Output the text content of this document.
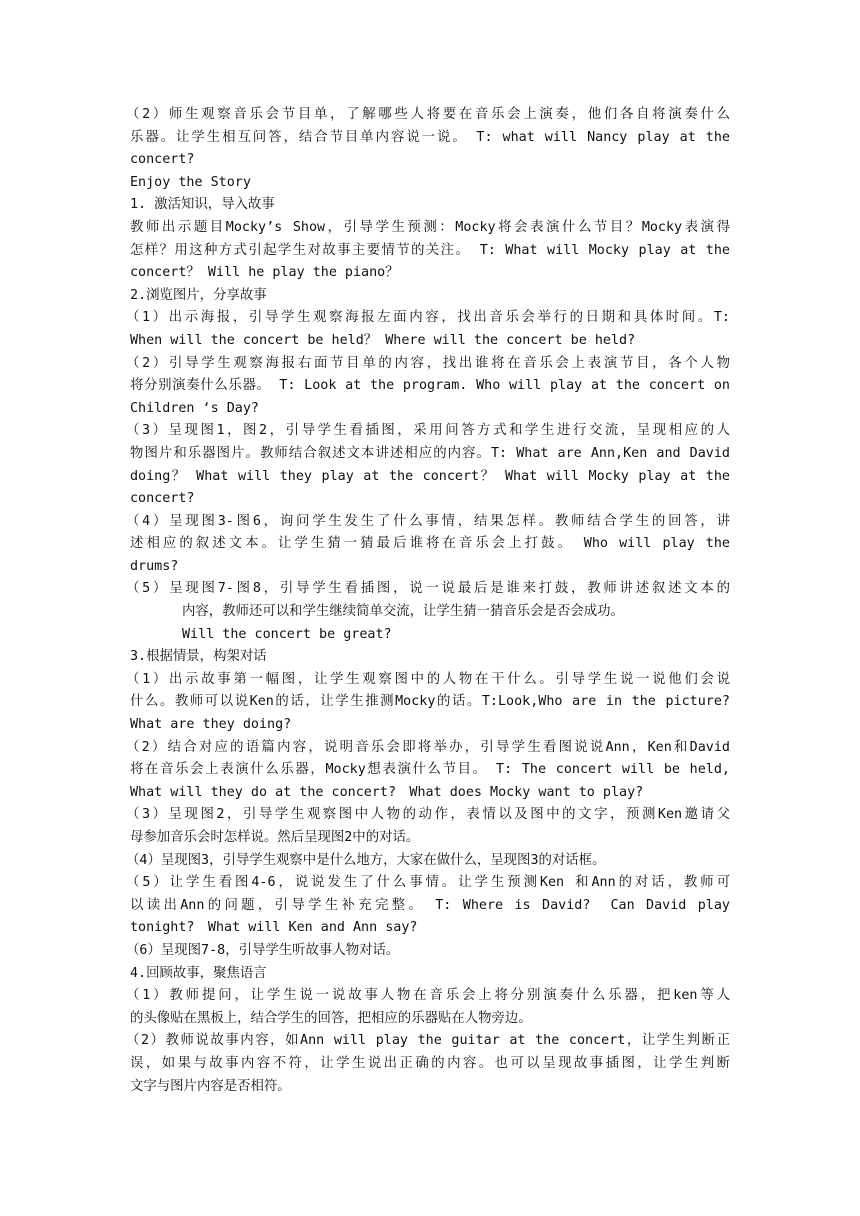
（2）师生观察音乐会节目单，了解哪些人将要在音乐会上演奏，他们各自将演奏什么
乐器。让学生相互问答，结合节目单内容说一说。　T: what will Nancy play at the
concert?
Enjoy the Story
1. 激活知识，导入故事
教师出示题目Mocky’s Show，引导学生预测：Mocky将会表演什么节目？Mocky表演得
怎样？用这种方式引起学生对故事主要情节的关注。 T: What will Mocky play at the
concert？ Will he play the piano？
2.浏览图片，分享故事
（1）出示海报，引导学生观察海报左面内容，找出音乐会举行的日期和具体时间。T:
When will the concert be held？ Where will the concert be held?
（2）引导学生观察海报右面节目单的内容，找出谁将在音乐会上表演节目，各个人物
将分别演奏什么乐器。 T: Look at the program. Who will play at the concert on
Children ‘s Day?
（3）呈现图1，图2，引导学生看插图，采用问答方式和学生进行交流，呈现相应的人
物图片和乐器图片。教师结合叙述文本讲述相应的内容。T: What are Ann,Ken and David
doing？ What will they play at the concert？ What will Mocky play at the
concert?
（4）呈现图3-图6，询问学生发生了什么事情，结果怎样。教师结合学生的回答，讲
述相应的叙述文本。让学生猜一猜最后谁将在音乐会上打鼓。　Who will play the
drums?
（5）呈现图7-图8，引导学生看插图，说一说最后是谁来打鼓，教师讲述叙述文本的
内容，教师还可以和学生继续简单交流，让学生猜一猜音乐会是否会成功。
Will the concert be great?
3.根据情景，构架对话
（1）出示故事第一幅图，让学生观察图中的人物在干什么。引导学生说一说他们会说
什么。教师可以说Ken的话，让学生推测Mocky的话。T:Look,Who are in the picture?
What are they doing?
（2）结合对应的语篇内容，说明音乐会即将举办，引导学生看图说说Ann，Ken和David
将在音乐会上表演什么乐器，Mocky想表演什么节目。　T: The concert will be held,
What will they do at the concert?　What does Mocky want to play?
（3）呈现图2，引导学生观察图中人物的动作，表情以及图中的文字，预测Ken邀请父
母参加音乐会时怎样说。然后呈现图2中的对话。
（4）呈现图3，引导学生观察中是什么地方，大家在做什么，呈现图3的对话框。
（5）让学生看图4-6，说说发生了什么事情。让学生预测Ken 和Ann的对话，教师可
以读出Ann的问题，引导学生补充完整。　T: Where is David?　Can David play
tonight?　What will Ken and Ann say?
（6）呈现图7-8，引导学生听故事人物对话。
4.回顾故事，聚焦语言
（1）教师提问，让学生说一说故事人物在音乐会上将分别演奏什么乐器，把ken等人
的头像贴在黑板上，结合学生的回答，把相应的乐器贴在人物旁边。
（2）教师说故事内容，如Ann will play the guitar at the concert，让学生判断正
误，如果与故事内容不符，让学生说出正确的内容。也可以呈现故事插图，让学生判断
文字与图片内容是否相符。
